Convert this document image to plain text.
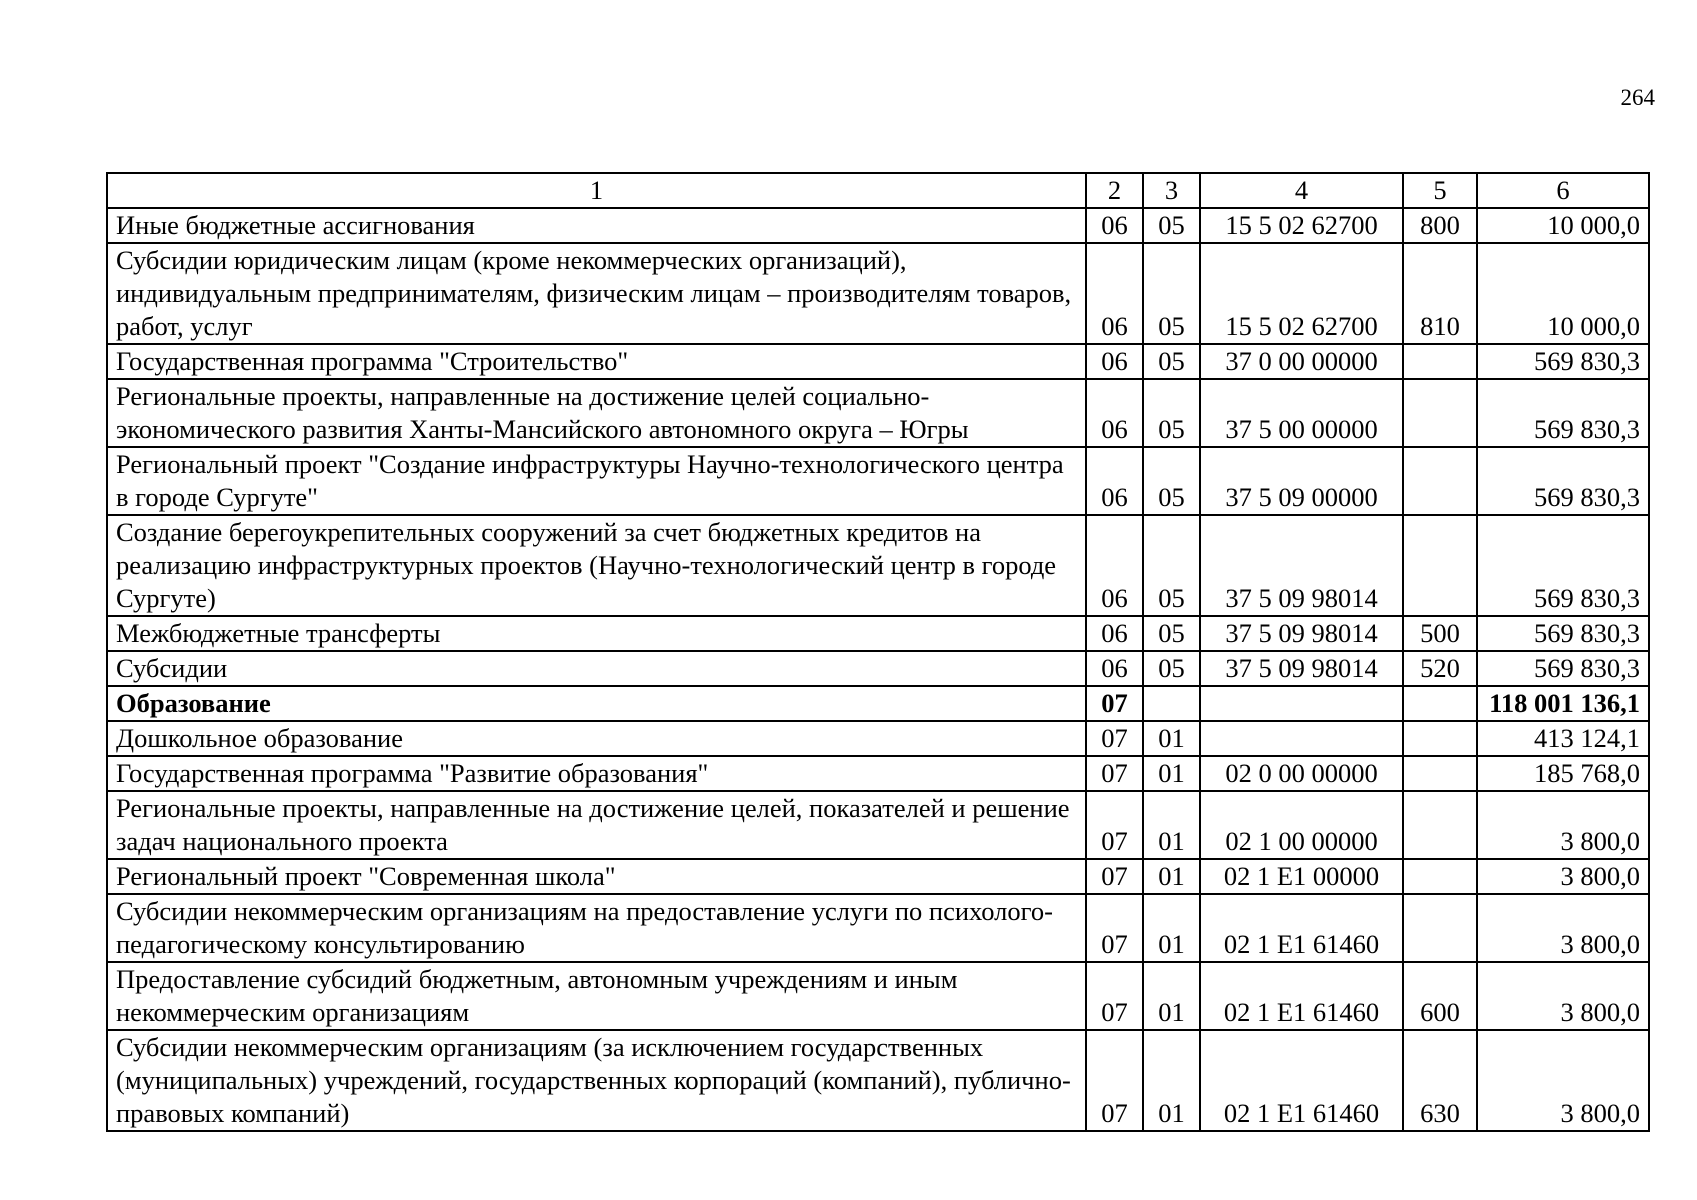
264
1	2	3	4	5	6
Иные бюджетные ассигнования	06	05	15 5 02 62700	800	10 000,0
Субсидии юридическим лицам (кроме некоммерческих организаций), индивидуальным предпринимателям, физическим лицам – производителям товаров, работ, услуг	06	05	15 5 02 62700	810	10 000,0
Государственная программа "Строительство"	06	05	37 0 00 00000		569 830,3
Региональные проекты, направленные на достижение целей социально-экономического развития Ханты-Мансийского автономного округа – Югры	06	05	37 5 00 00000		569 830,3
Региональный проект "Создание инфраструктуры Научно-технологического центра в городе Сургуте"	06	05	37 5 09 00000		569 830,3
Создание берегоукрепительных сооружений за счет бюджетных кредитов на реализацию инфраструктурных проектов (Научно-технологический центр в городе Сургуте)	06	05	37 5 09 98014		569 830,3
Межбюджетные трансферты	06	05	37 5 09 98014	500	569 830,3
Субсидии	06	05	37 5 09 98014	520	569 830,3
Образование	07				118 001 136,1
Дошкольное образование	07	01			413 124,1
Государственная программа "Развитие образования"	07	01	02 0 00 00000		185 768,0
Региональные проекты, направленные на достижение целей, показателей и решение задач национального проекта	07	01	02 1 00 00000		3 800,0
Региональный проект "Современная школа"	07	01	02 1 E1 00000		3 800,0
Субсидии некоммерческим организациям на предоставление услуги по психолого-педагогическому консультированию	07	01	02 1 E1 61460		3 800,0
Предоставление субсидий бюджетным, автономным учреждениям и иным некоммерческим организациям	07	01	02 1 E1 61460	600	3 800,0
Субсидии некоммерческим организациям (за исключением государственных (муниципальных) учреждений, государственных корпораций (компаний), публично-правовых компаний)	07	01	02 1 E1 61460	630	3 800,0
